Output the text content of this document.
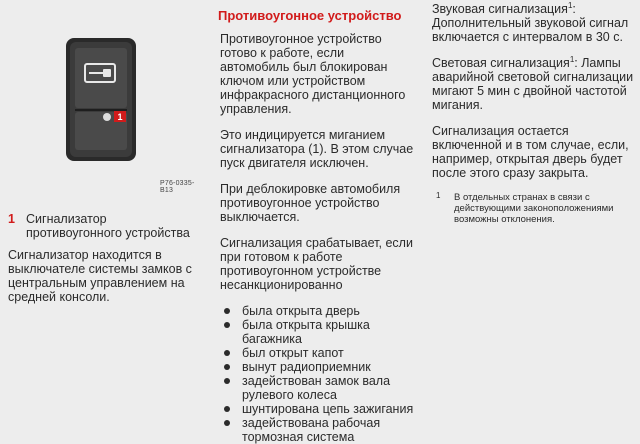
1
P76-0335-B13
1 Сигнализатор противоугонного устройства

Сигнализатор находится в выключателе системы замков с центральным управлением на средней консоли.

Противоугонное устройство

Противоугонное устройство готово к работе, если автомобиль был блокирован ключом или устройством инфракрасного дистанционного управления.

Это индицируется миганием сигнализатора (1). В этом случае пуск двигателя исключен.

При деблокировке автомобиля противоугонное устройство выключается.

Сигнализация срабатывает, если при готовом к работе противоугонном устройстве несанкционированно

была открыта дверь
была открыта крышка багажника
был открыт капот
вынут радиоприемник
задействован замок вала рулевого колеса
шунтирована цепь зажигания
задействована рабочая тормозная система

Звуковая сигнализация$^1$: Дополнительный звуковой сигнал включается с интервалом в 30 с.

Световая сигнализация$^1$: Лампы аварийной световой сигнализации мигают 5 мин с двойной частотой мигания.

Сигнализация остается включенной и в том случае, если, например, открытая дверь будет после этого сразу закрыта.

1 В отдельных странах в связи с действующими законоположениями возможны отклонения.
